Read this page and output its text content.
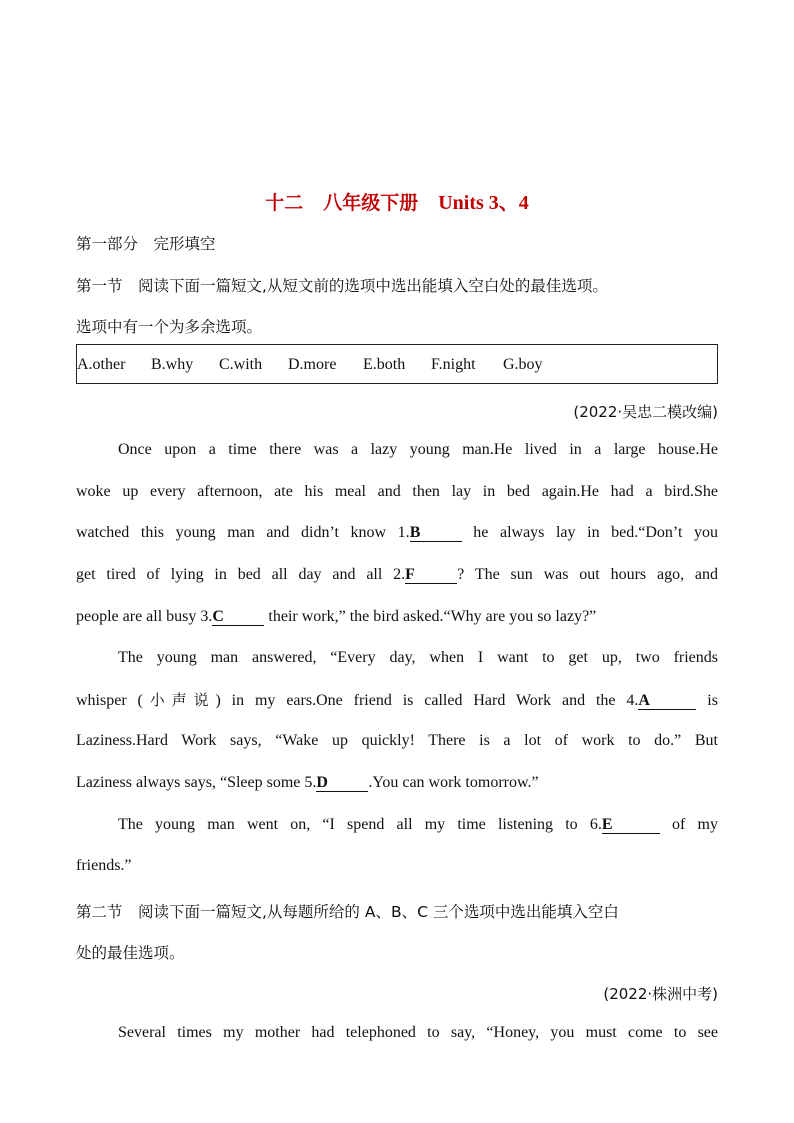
十二　 八年级下册　 Units 3、4
第一部分　完形填空
第一节　阅读下面一篇短文,从短文前的选项中选出能填入空白处的最佳选项。
选项中有一个为多余选项。
A.other B.why C.with D.more E.both F.night G.boy
(2022·吴忠二模改编)
Once upon a time there was a lazy young man.He lived in a large house.He
woke up every afternoon, ate his meal and then lay in bed again.He had a bird.She
watched this young man and didn’t know 1.B	he always lay in bed.“Don’t you
get tired of lying in bed all day and all 2.F	? The sun was out hours ago, and
people are all busy 3.C	their work,” the bird asked.“Why are you so lazy?”
The young man answered, “Every day, when I want to get up, two friends
whisper (小声说) in my ears.One friend is called Hard Work and the 4.A	is
Laziness.Hard Work says, “Wake up quickly! There is a lot of work to do.” But
Laziness always says, “Sleep some 5.D	.You can work tomorrow.”
The young man went on, “I spend all my time listening to 6.E	of my
friends.”
第二节　阅读下面一篇短文,从每题所给的 A、B、C 三个选项中选出能填入空白
处的最佳选项。
(2022·株洲中考)
Several times my mother had telephoned to say, “Honey, you must come to see
